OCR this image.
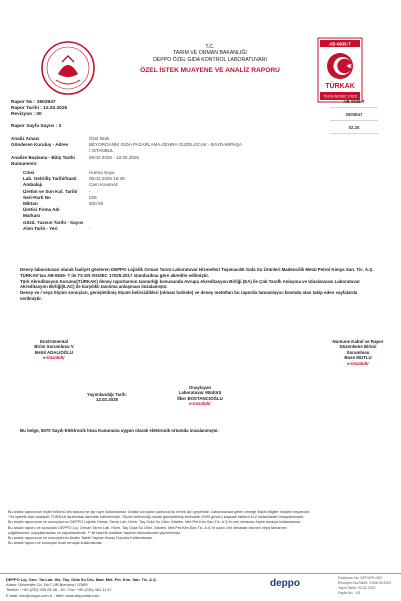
T.C.
TARIM VE ORMAN BAKANLIĞI
DEPPO ÖZEL GIDA KONTROL LABORATUVARI
ÖZEL İSTEK MUAYENE VE ANALİZ RAPORU
AB-0635-T
TÜRKAK
TS EN ISO/IEC 17025
AB-0635-T
2503947
02.25
Rapor No : 2503947
Rapor Tarihi : 12.02.2025
Revizyon : 00
Rapor Sayfa Sayısı : 3
Analiz Amacı	Özel İstek
Gönderen Kuruluş - Adres	BEYORGANİK GIDA PAZARLAMA-ZEHRA GÜZELOCAK - BAYRAMPAŞA
/ ISTANBUL
Analize Başlama - Bitiş Tarihi	06.02.2025 - 12.02.2025
Numunenin:
Cinsi	Hurma Suyu
Lab. Getiriliş Tarihi/Saati	06.02.2025 16:38
Ambalajı	Cam Kavanoz
Üretim ve Son Kul. Tarihi	-
Seri-Parti No	026
Miktarı	500 Ml
Üretici Firma Adı
Markası
Gözd. Yazısın Tarihi - Sayısı
Alım Tarih - Yeri	-
Deney laboratuvarı olarak faaliyet gösteren DEPPO Lojistik Orman Tarım Laboratuvar Hizmetleri Taşımacılık Gıda Su Ürünleri Madencilik Metal Petrol Kimya San. Tic. A.Ş. TÜRKAK'tan AB-0635- T ile TS EN ISO/IEC 17025:2017 standardına göre akredite edilmiştir.
Türk Akreditasyon Kurumu(TÜRKAK) deney raporlarının tanınırlığı konusunda Avrupa Akreditasyon Birliği (EA) ile Çok Taraflı Anlaşma ve Uluslararası Laboratuvar Akreditasyon Birliği(ILAC) ile karşılıklı tanınma anlaşması imzalamıştır.
Deney ve / veya ölçüm sonuçları, genişletilmiş ölçüm belirsizlikleri (olması halinde) ve deney metotları bu raporda tamamlayıcı kısımda olan takip eden sayfalarda verilmiştir.
Enstrümental
Birim Sorumlusu V
Betül ADALIOĞLU
e-imzalıdır
Numune Kabul ve Rapor
Düzenleme Birimi
Sorumlusu
Buse MUTLU
e-imzalıdır
Yayımlandığı Tarih:
12.02.2025
Onaylayan
Laboratuvar Müdürü
İlker BOSTANCIOĞLU
e-imzalıdır
Bu belge, 5070 Sayılı Elektronik İmza Kanununa uygun olarak elektronik ortamda imzalanmıştır.
Bu analiz raporunun hiçbir bölümü tek başına ve ayrı ayrı kullanılamaz. Analiz sonuçları yalnızca bu örnek için geçerlidir. Laboratuvara gelen örneğe ilişkin bilgiler müşteri beyanıdır.
* ile işaretli olan analizler TÜRKAK tarafından akredite edilmemiştir. Ölçüm belirsizliği olarak genişletilmiş belirsizlik (%95 güven) kapsam faktörü k=2 kullanılarak hesaplanmıştır.
Bu analiz raporunun ve sonuçlarının DEPPO Lojistik Orman Tarım Lab. Hizm. Taş Gıda Su Ürün. Maden. Met.Pet.Kim.San.Tic. A.Ş.'in izni olmadan hiçbir amaçla kullanılamaz.
Bu analiz raporu ve sonuçları DEPPO Loj. Orman Tarım Lab. Hizm. Taş Gıda Su Ürün. Maden. Met.Pet.Kim.San.Tic. A.Ş.'in yazılı izni olmadan kısmen veya tamamen
çoğaltılamaz, kopyalanamaz ve yayınlanamaz. ** ile işaretli analizler taşeron laboratuvara yaptırılmıştır.
Bu analiz raporunun ve sonuçlarının Analiz Talebi Yapılan Amaç Dışında Kullanılamaz.
Bu analiz raporu ve sonuçları ticari amaçla kullanılamaz.
DEPPO Loj. Orm. Tar.Lab. Hiz. Taş. Gıda Su Ürü. Mad. Met. Pet. Kim. San. Tic. A.Ş.
Adres: Üniversite Cd. No:7 UB Bornova / İZMİR
Telefon : +90 (232) 435 05 48 - 49 - Fax: +90 (232) 461 11 47
E-mail: info@deppo.com.tr - Web: www.deppolab.com
deppo	Doküman No: DPP.kFR-000
Revizyon No/Tarihi: 01/06.04.2021
Yayın Tarihi: 03.01.2022
Sayfa No : 1/3
